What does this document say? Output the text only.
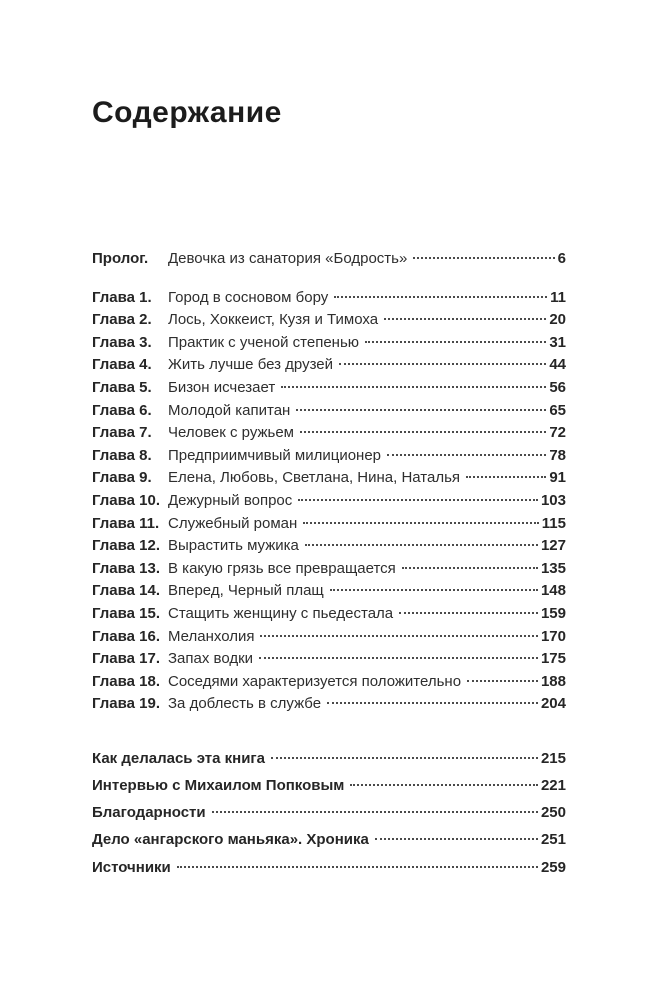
Содержание
Пролог.	Девочка из санатория «Бодрость»	6
Глава 1.	Город в сосновом бору	11
Глава 2.	Лось, Хоккеист, Кузя и Тимоха	20
Глава 3.	Практик с ученой степенью	31
Глава 4.	Жить лучше без друзей	44
Глава 5.	Бизон исчезает	56
Глава 6.	Молодой капитан	65
Глава 7.	Человек с ружьем	72
Глава 8.	Предприимчивый милиционер	78
Глава 9.	Елена, Любовь, Светлана, Нина, Наталья	91
Глава 10. Дежурный вопрос	103
Глава 11. Служебный роман	115
Глава 12. Вырастить мужика	127
Глава 13. В какую грязь все превращается	135
Глава 14. Вперед, Черный плащ	148
Глава 15. Стащить женщину с пьедестала	159
Глава 16. Меланхолия	170
Глава 17. Запах водки	175
Глава 18. Соседями характеризуется положительно	188
Глава 19. За доблесть в службе	204
Как делалась эта книга	215
Интервью с Михаилом Попковым	221
Благодарности	250
Дело «ангарского маньяка». Хроника	251
Источники	259
